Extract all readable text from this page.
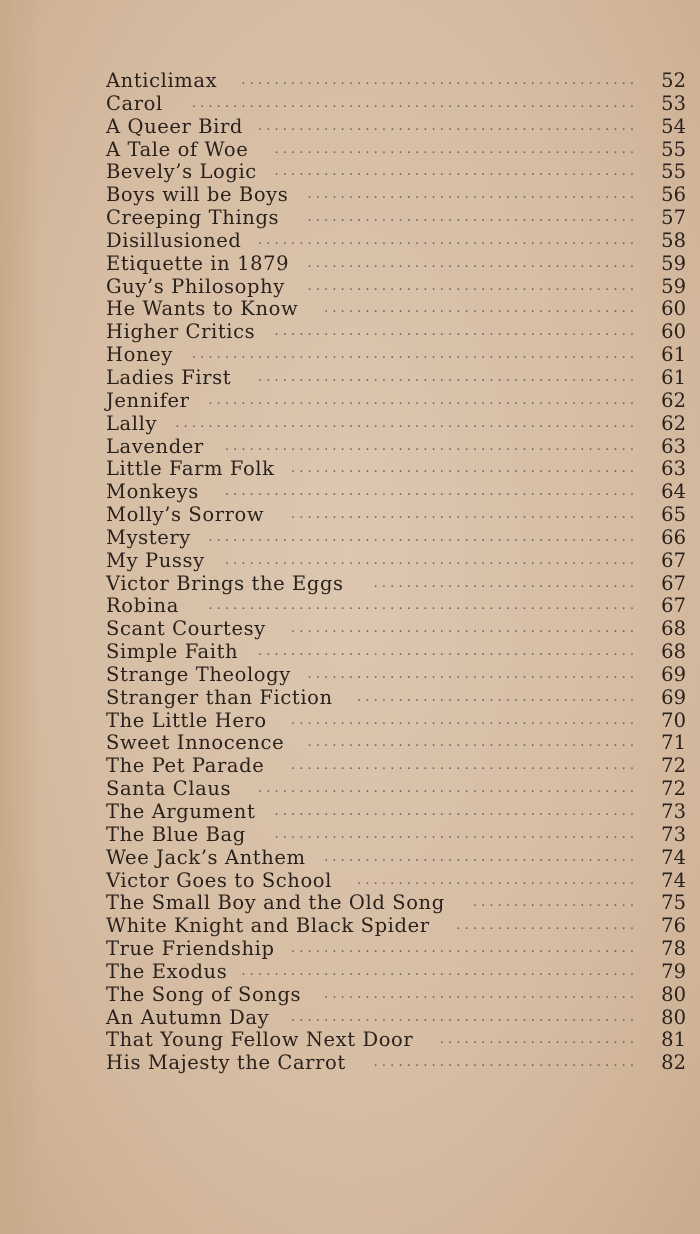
Anticlimax . . . . . . . . . . . . . . . . . . . . . . . . . . . . . . . . . . . . . . . . . . . . . . . .	52
Carol . . . . . . . . . . . . . . . . . . . . . . . . . . . . . . . . . . . . . . . . . . . . . . . . . . . . . .	53
A Queer Bird . . . . . . . . . . . . . . . . . . . . . . . . . . . . . . . . . . . . . . . . . . . . . .	54
A Tale of Woe . . . . . . . . . . . . . . . . . . . . . . . . . . . . . . . . . . . . . . . . . . . .	55
Bevely’s Logic . . . . . . . . . . . . . . . . . . . . . . . . . . . . . . . . . . . . . . . . . . . .	55
Boys will be Boys . . . . . . . . . . . . . . . . . . . . . . . . . . . . . . . . . . . . . . . .	56
Creeping Things . . . . . . . . . . . . . . . . . . . . . . . . . . . . . . . . . . . . . . . .	57
Disillusioned . . . . . . . . . . . . . . . . . . . . . . . . . . . . . . . . . . . . . . . . . . . . . .	58
Etiquette in 1879 . . . . . . . . . . . . . . . . . . . . . . . . . . . . . . . . . . . . . . . .	59
Guy’s Philosophy . . . . . . . . . . . . . . . . . . . . . . . . . . . . . . . . . . . . . . . .	59
He Wants to Know . . . . . . . . . . . . . . . . . . . . . . . . . . . . . . . . . . . . . .	60
Higher Critics . . . . . . . . . . . . . . . . . . . . . . . . . . . . . . . . . . . . . . . . . . . .	60
Honey . . . . . . . . . . . . . . . . . . . . . . . . . . . . . . . . . . . . . . . . . . . . . . . . . . . . . .	61
Ladies First . . . . . . . . . . . . . . . . . . . . . . . . . . . . . . . . . . . . . . . . . . . . . .	61
Jennifer . . . . . . . . . . . . . . . . . . . . . . . . . . . . . . . . . . . . . . . . . . . . . . . . . . . .	62
Lally . . . . . . . . . . . . . . . . . . . . . . . . . . . . . . . . . . . . . . . . . . . . . . . . . . . . . . . .	62
Lavender . . . . . . . . . . . . . . . . . . . . . . . . . . . . . . . . . . . . . . . . . . . . . . . . . .	63
Little Farm Folk . . . . . . . . . . . . . . . . . . . . . . . . . . . . . . . . . . . . . . . . . .	63
Monkeys . . . . . . . . . . . . . . . . . . . . . . . . . . . . . . . . . . . . . . . . . . . . . . . . . .	64
Molly’s Sorrow . . . . . . . . . . . . . . . . . . . . . . . . . . . . . . . . . . . . . . . . . .	65
Mystery . . . . . . . . . . . . . . . . . . . . . . . . . . . . . . . . . . . . . . . . . . . . . . . . . . . .	66
My Pussy . . . . . . . . . . . . . . . . . . . . . . . . . . . . . . . . . . . . . . . . . . . . . . . . . .	67
Victor Brings the Eggs . . . . . . . . . . . . . . . . . . . . . . . . . . . . . . . .	67
Robina . . . . . . . . . . . . . . . . . . . . . . . . . . . . . . . . . . . . . . . . . . . . . . . . . . . .	67
Scant Courtesy . . . . . . . . . . . . . . . . . . . . . . . . . . . . . . . . . . . . . . . . . .	68
Simple Faith . . . . . . . . . . . . . . . . . . . . . . . . . . . . . . . . . . . . . . . . . . . . . .	68
Strange Theology . . . . . . . . . . . . . . . . . . . . . . . . . . . . . . . . . . . . . . . .	69
Stranger than Fiction . . . . . . . . . . . . . . . . . . . . . . . . . . . . . . . . . .	69
The Little Hero . . . . . . . . . . . . . . . . . . . . . . . . . . . . . . . . . . . . . . . . . .	70
Sweet Innocence . . . . . . . . . . . . . . . . . . . . . . . . . . . . . . . . . . . . . . . .	71
The Pet Parade . . . . . . . . . . . . . . . . . . . . . . . . . . . . . . . . . . . . . . . . . .	72
Santa Claus . . . . . . . . . . . . . . . . . . . . . . . . . . . . . . . . . . . . . . . . . . . . . .	72
The Argument . . . . . . . . . . . . . . . . . . . . . . . . . . . . . . . . . . . . . . . . . . . .	73
The Blue Bag . . . . . . . . . . . . . . . . . . . . . . . . . . . . . . . . . . . . . . . . . . . .	73
Wee Jack’s Anthem . . . . . . . . . . . . . . . . . . . . . . . . . . . . . . . . . . . . . .	74
Victor Goes to School . . . . . . . . . . . . . . . . . . . . . . . . . . . . . . . . . .	74
The Small Boy and the Old Song . . . . . . . . . . . . . . . . . . . .	75
White Knight and Black Spider . . . . . . . . . . . . . . . . . . . . . .	76
True Friendship . . . . . . . . . . . . . . . . . . . . . . . . . . . . . . . . . . . . . . . . . .	78
The Exodus . . . . . . . . . . . . . . . . . . . . . . . . . . . . . . . . . . . . . . . . . . . . . . . .	79
The Song of Songs . . . . . . . . . . . . . . . . . . . . . . . . . . . . . . . . . . . . . .	80
An Autumn Day . . . . . . . . . . . . . . . . . . . . . . . . . . . . . . . . . . . . . . . . . .	80
That Young Fellow Next Door . . . . . . . . . . . . . . . . . . . . . . . .	81
His Majesty the Carrot . . . . . . . . . . . . . . . . . . . . . . . . . . . . . . . .	82
